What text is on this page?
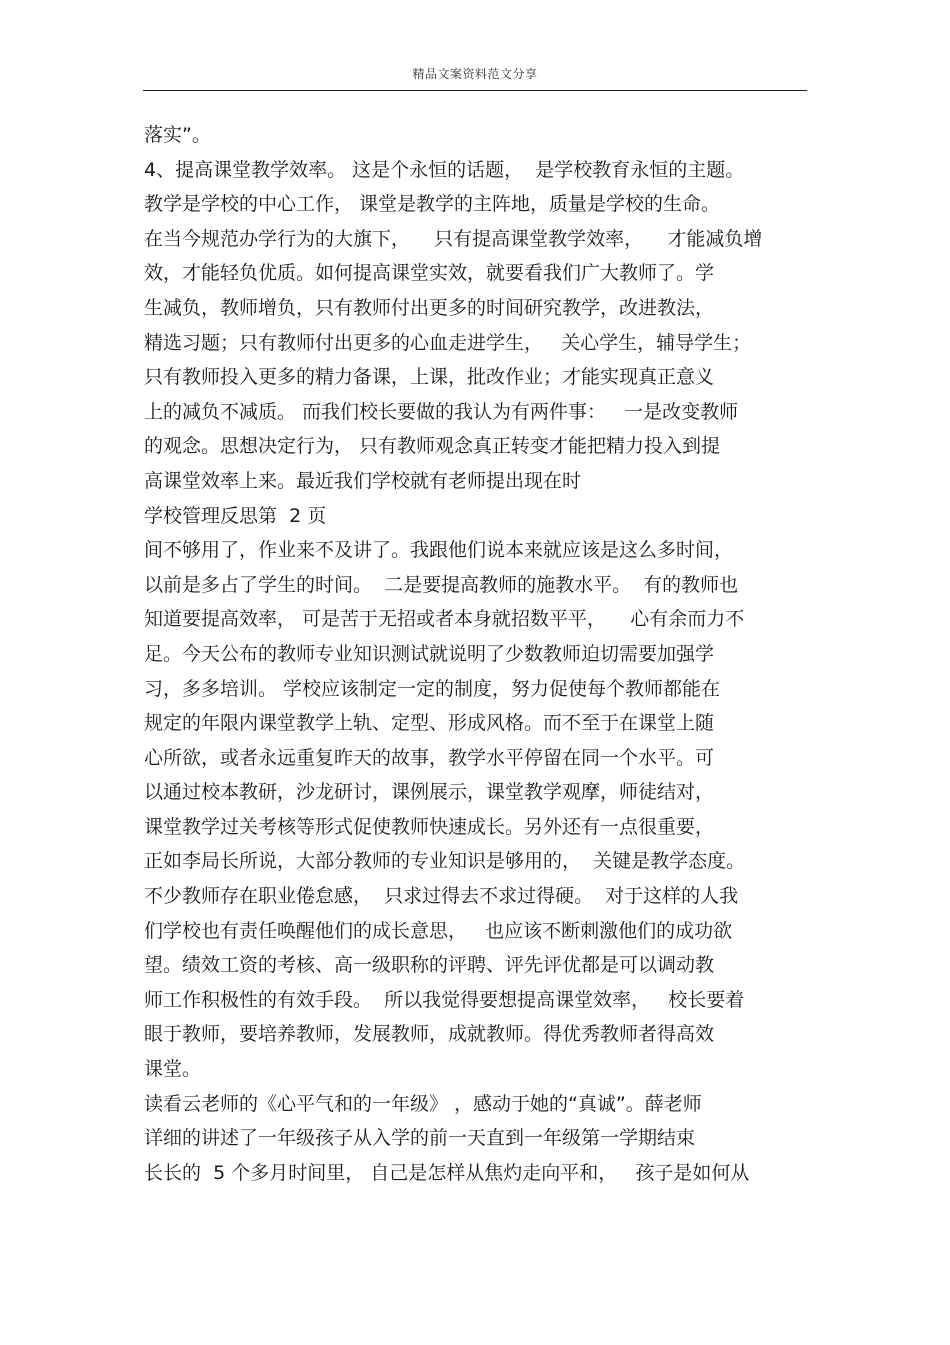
精品文案资料范文分享
落实”。
4、提高课堂教学效率。 这是个永恒的话题，  是学校教育永恒的主题。
教学是学校的中心工作， 课堂是教学的主阵地，质量是学校的生命。
在当今规范办学行为的大旗下，    只有提高课堂教学效率，    才能减负增
效，才能轻负优质。如何提高课堂实效，就要看我们广大教师了。学
生减负，教师增负，只有教师付出更多的时间研究教学，改进教法，
精选习题；只有教师付出更多的心血走进学生，   关心学生，辅导学生；
只有教师投入更多的精力备课，上课，批改作业；才能实现真正意义
上的减负不减质。 而我们校长要做的我认为有两件事：   一是改变教师
的观念。思想决定行为， 只有教师观念真正转变才能把精力投入到提
高课堂效率上来。最近我们学校就有老师提出现在时
学校管理反思第  2 页
间不够用了，作业来不及讲了。我跟他们说本来就应该是这么多时间，
以前是多占了学生的时间。  二是要提高教师的施教水平。  有的教师也
知道要提高效率， 可是苦于无招或者本身就招数平平，    心有余而力不
足。今天公布的教师专业知识测试就说明了少数教师迫切需要加强学
习，多多培训。 学校应该制定一定的制度，努力促使每个教师都能在
规定的年限内课堂教学上轨、定型、形成风格。而不至于在课堂上随
心所欲，或者永远重复昨天的故事，教学水平停留在同一个水平。可
以通过校本教研，沙龙研讨，课例展示，课堂教学观摩，师徒结对，
课堂教学过关考核等形式促使教师快速成长。另外还有一点很重要，
正如李局长所说，大部分教师的专业知识是够用的，  关键是教学态度。
不少教师存在职业倦怠感，  只求过得去不求过得硬。  对于这样的人我
们学校也有责任唤醒他们的成长意思，   也应该不断刺激他们的成功欲
望。绩效工资的考核、高一级职称的评聘、评先评优都是可以调动教
师工作积极性的有效手段。  所以我觉得要想提高课堂效率，   校长要着
眼于教师，要培养教师，发展教师，成就教师。得优秀教师者得高效
课堂。
读看云老师的《心平气和的一年级》 ，感动于她的“真诚”。薛老师
详细的讲述了一年级孩子从入学的前一天直到一年级第一学期结束
长长的  5 个多月时间里， 自己是怎样从焦灼走向平和，   孩子是如何从
